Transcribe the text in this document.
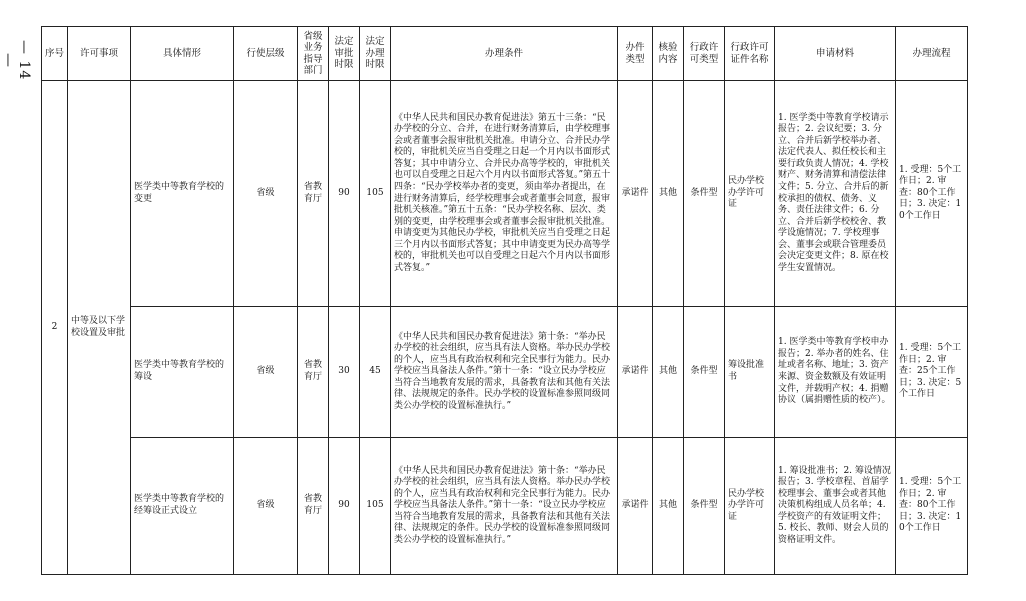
— 14 —	序号	许可事项	具体情形	行使层级	省级业务指导部门	法定审批时限	法定办理时限	办理条件	办件类型	核验内容	行政许可类型	行政许可证件名称	申请材料	办理流程
2	中等及以下学校设置及审批	医学类中等教育学校的变更	省级	省教育厅	90	105	《中华人民共和国民办教育促进法》第五十三条：“民办学校的分立、合并，在进行财务清算后，由学校理事会或者董事会报审批机关批准。申请分立、合并民办学校的，审批机关应当自受理之日起一个月内以书面形式答复；其中申请分立、合并民办高等学校的，审批机关也可以自受理之日起六个月内以书面形式答复。”第五十四条：“民办学校举办者的变更，须由举办者提出，在进行财务清算后，经学校理事会或者董事会同意，报审批机关核准。”第五十五条：“民办学校名称、层次、类别的变更，由学校理事会或者董事会报审批机关批准。申请变更为其他民办学校，审批机关应当自受理之日起三个月内以书面形式答复；其中申请变更为民办高等学校的，审批机关也可以自受理之日起六个月内以书面形式答复。”	承诺件	其他	条件型	民办学校办学许可证	1. 医学类中等教育学校请示报告；2. 会议纪要；3. 分立、合并后新学校举办者、法定代表人、拟任校长和主要行政负责人情况；4. 学校财产、财务清算和清偿法律文件；5. 分立、合并后的新校承担的债权、债务、义务、责任法律文件；6. 分立、合并后新学校校舍、教学设施情况；7. 学校理事会、董事会或联合管理委员会决定变更文件；8. 原在校学生安置情况。	1. 受理：5个工作日；2. 审查：80个工作日；3. 决定：10个工作日
		医学类中等教育学校的筹设	省级	省教育厅	30	45	《中华人民共和国民办教育促进法》第十条：“举办民办学校的社会组织，应当具有法人资格。举办民办学校的个人，应当具有政治权利和完全民事行为能力。民办学校应当具备法人条件。”第十一条：“设立民办学校应当符合当地教育发展的需求，具备教育法和其他有关法律、法规规定的条件。民办学校的设置标准参照同级同类公办学校的设置标准执行。”	承诺件	其他	条件型	筹设批准书	1. 医学类中等教育学校申办报告；2. 举办者的姓名、住址或者名称、地址；3. 资产来源、资金数额及有效证明文件，并载明产权；4. 捐赠协议（属捐赠性质的校产）。	1. 受理：5个工作日；2. 审查：25个工作日；3. 决定：5个工作日
		医学类中等教育学校的经筹设正式设立	省级	省教育厅	90	105	《中华人民共和国民办教育促进法》第十条：“举办民办学校的社会组织，应当具有法人资格。举办民办学校的个人，应当具有政治权利和完全民事行为能力。民办学校应当具备法人条件。”第十一条：“设立民办学校应当符合当地教育发展的需求，具备教育法和其他有关法律、法规规定的条件。民办学校的设置标准参照同级同类公办学校的设置标准执行。”	承诺件	其他	条件型	民办学校办学许可证	1. 筹设批准书；2. 筹设情况报告；3. 学校章程、首届学校理事会、董事会或者其他决策机构组成人员名单；4. 学校资产的有效证明文件；5. 校长、教师、财会人员的资格证明文件。	1. 受理：5个工作日；2. 审查：80个工作日；3. 决定：10个工作日
